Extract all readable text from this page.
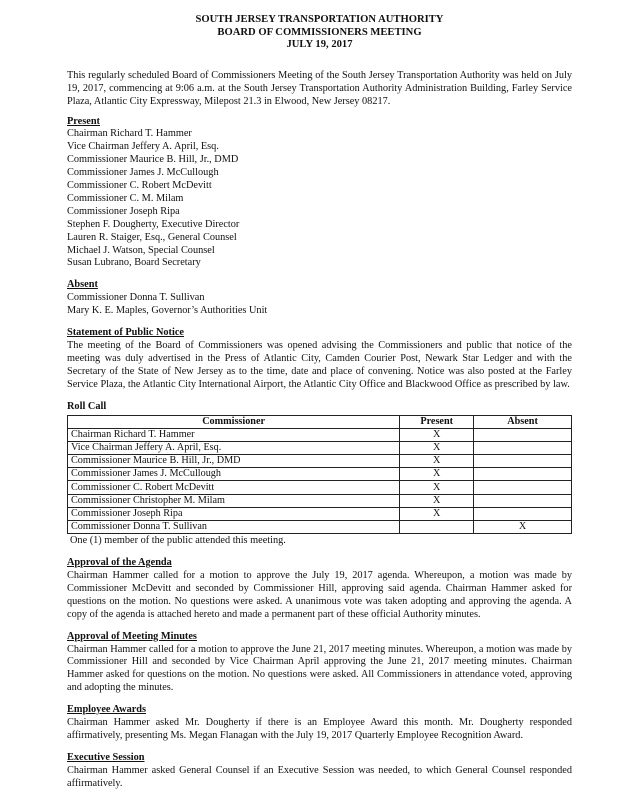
SOUTH JERSEY TRANSPORTATION AUTHORITY
BOARD OF COMMISSIONERS MEETING
JULY 19, 2017

This regularly scheduled Board of Commissioners Meeting of the South Jersey Transportation Authority was held on July 19, 2017, commencing at 9:06 a.m. at the South Jersey Transportation Authority Administration Building, Farley Service Plaza, Atlantic City Expressway, Milepost 21.3 in Elwood, New Jersey 08217.

Present
Chairman Richard T. Hammer
Vice Chairman Jeffery A. April, Esq.
Commissioner Maurice B. Hill, Jr., DMD
Commissioner James J. McCullough
Commissioner C. Robert McDevitt
Commissioner C. M. Milam
Commissioner Joseph Ripa
Stephen F. Dougherty, Executive Director
Lauren R. Staiger, Esq., General Counsel
Michael J. Watson, Special Counsel
Susan Lubrano, Board Secretary
Absent
Commissioner Donna T. Sullivan
Mary K. E. Maples, Governor’s Authorities Unit
Statement of Public Notice

The meeting of the Board of Commissioners was opened advising the Commissioners and public that notice of the meeting was duly advertised in the Press of Atlantic City, Camden Courier Post, Newark Star Ledger and with the Secretary of the State of New Jersey as to the time, date and place of convening. Notice was also posted at the Farley Service Plaza, the Atlantic City International Airport, the Atlantic City Office and Blackwood Office as prescribed by law.

Roll Call
Commissioner	Present	Absent
Chairman Richard T. Hammer	X	
Vice Chairman Jeffery A. April, Esq.	X	
Commissioner Maurice B. Hill, Jr., DMD	X	
Commissioner James J. McCullough	X	
Commissioner C. Robert McDevitt	X	
Commissioner Christopher M. Milam	X	
Commissioner Joseph Ripa	X	
Commissioner Donna T. Sullivan		X
One (1) member of the public attended this meeting.
Approval of the Agenda

Chairman Hammer called for a motion to approve the July 19, 2017 agenda. Whereupon, a motion was made by Commissioner McDevitt and seconded by Commissioner Hill, approving said agenda. Chairman Hammer asked for questions on the motion. No questions were asked. A unanimous vote was taken adopting and approving the agenda. A copy of the agenda is attached hereto and made a permanent part of these official Authority minutes.

Approval of Meeting Minutes

Chairman Hammer called for a motion to approve the June 21, 2017 meeting minutes. Whereupon, a motion was made by Commissioner Hill and seconded by Vice Chairman April approving the June 21, 2017 meeting minutes. Chairman Hammer asked for questions on the motion. No questions were asked. All Commissioners in attendance voted, approving and adopting the minutes.

Employee Awards

Chairman Hammer asked Mr. Dougherty if there is an Employee Award this month. Mr. Dougherty responded affirmatively, presenting Ms. Megan Flanagan with the July 19, 2017 Quarterly Employee Recognition Award.

Executive Session

Chairman Hammer asked General Counsel if an Executive Session was needed, to which General Counsel responded affirmatively.
